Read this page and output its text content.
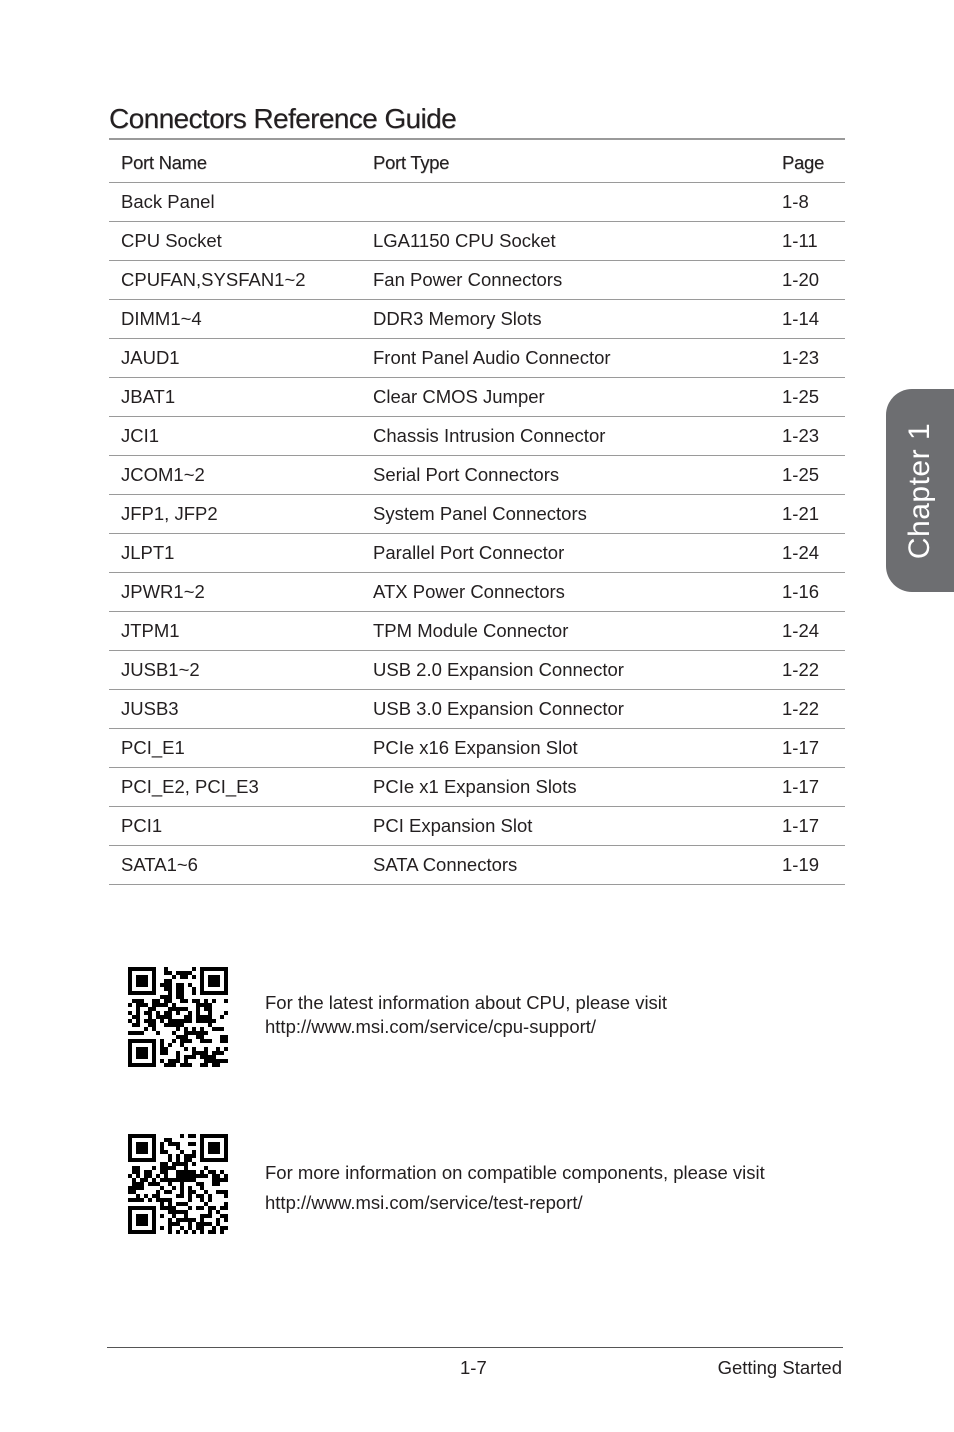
Connectors Reference Guide
Port Name	Port Type	Page
Back Panel		1-8
CPU Socket	LGA1150 CPU Socket	1-11
CPUFAN,SYSFAN1~2	Fan Power Connectors	1-20
DIMM1~4	DDR3 Memory Slots	1-14
JAUD1	Front Panel Audio Connector	1-23
JBAT1	Clear CMOS Jumper	1-25
JCI1	Chassis Intrusion Connector	1-23
JCOM1~2	Serial Port Connectors	1-25
JFP1, JFP2	System Panel Connectors	1-21
JLPT1	Parallel Port Connector	1-24
JPWR1~2	ATX Power Connectors	1-16
JTPM1	TPM Module Connector	1-24
JUSB1~2	USB 2.0 Expansion Connector	1-22
JUSB3	USB 3.0 Expansion Connector	1-22
PCI_E1	PCIe x16 Expansion Slot	1-17
PCI_E2, PCI_E3	PCIe x1 Expansion Slots	1-17
PCI1	PCI Expansion Slot	1-17
SATA1~6	SATA Connectors	1-19
Chapter 1
For the latest information about CPU, please visit
http://www.msi.com/service/cpu-support/
For more information on compatible components, please visit
http://www.msi.com/service/test-report/
1-7	Getting Started
